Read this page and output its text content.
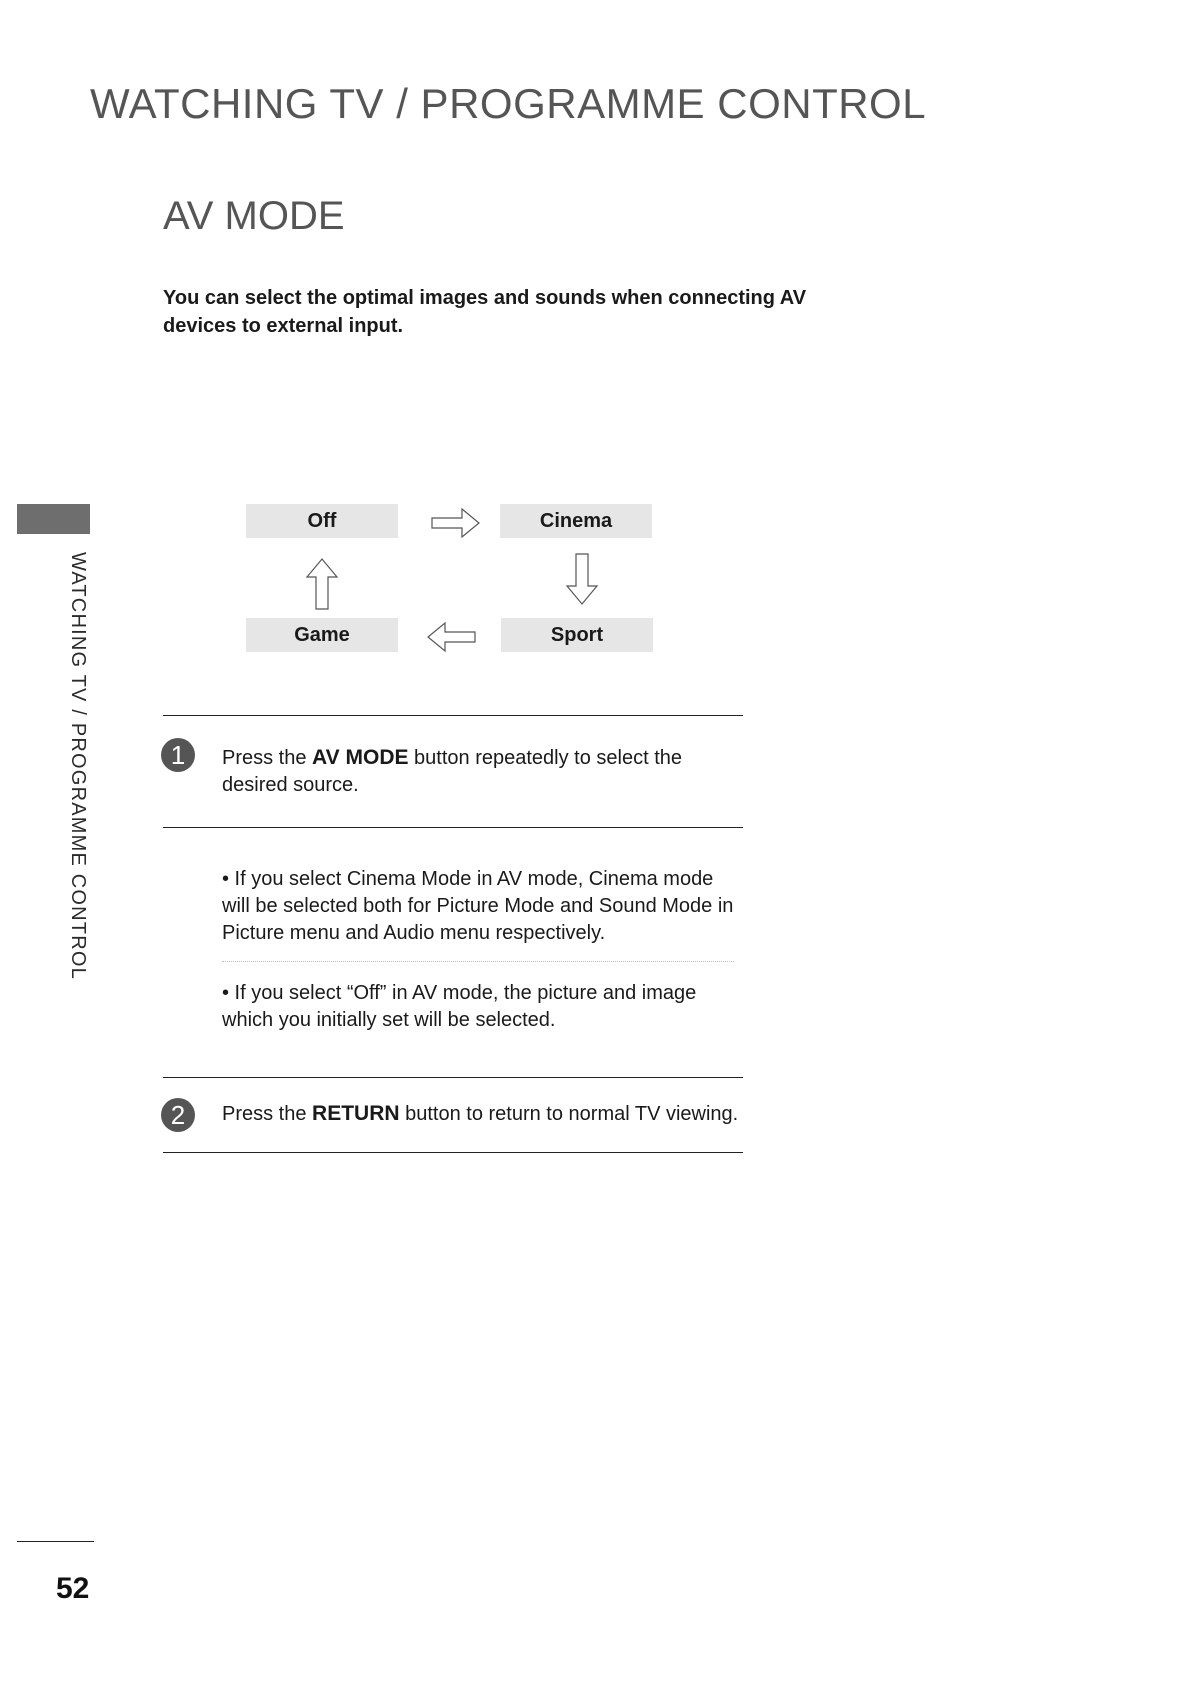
WATCHING TV / PROGRAMME CONTROL
AV MODE
You can select the optimal images and sounds when connecting AV devices to external input.
WATCHING TV / PROGRAMME CONTROL
Off	Cinema
Game	Sport
1	Press the AV MODE button repeatedly to select the desired source.
• If you select Cinema Mode in AV mode, Cinema mode will be selected both for Picture Mode and Sound Mode in Picture menu and Audio menu respectively.
• If you select “Off” in AV mode, the picture and image which you initially set will be selected.
2	Press the RETURN button to return to normal TV viewing.
52
